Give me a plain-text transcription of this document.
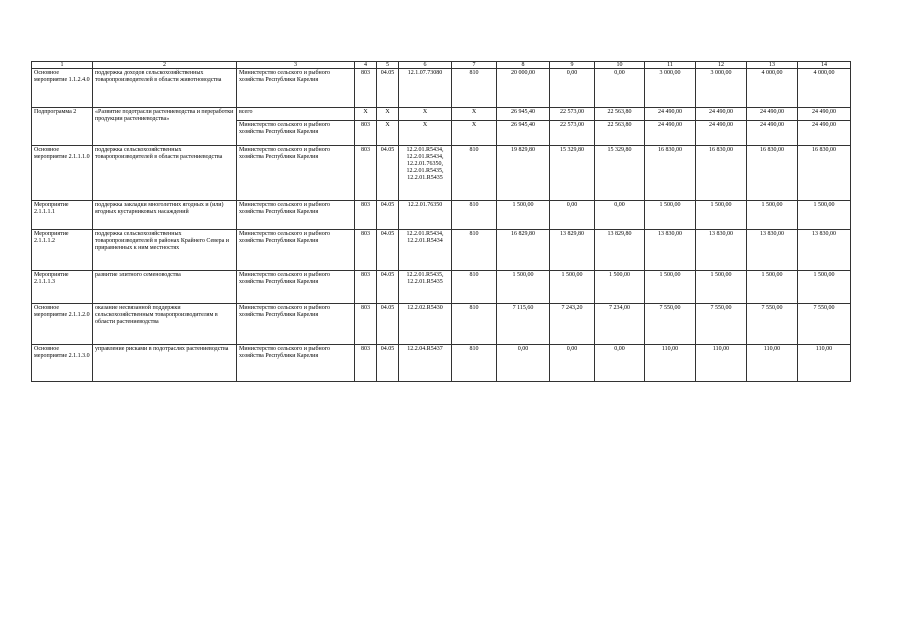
1	2	3	4	5	6	7	8	9	10	11	12	13	14
Основное мероприятие 1.1.2.4.0	поддержка доходов сельскохозяйственных товаропроизводителей в области животноводства	Министерство сельского и рыбного хозяйства Республики Карелия	803	04.05	12.1.07.73080	810	20 000,00	0,00	0,00	3 000,00	3 000,00	4 000,00	4 000,00
Подпрограмма 2	«Развитие подотрасли растениеводства и переработки продукции растениеводства»	всего	X	X	X	X	26 945,40	22 573,00	22 563,80	24 490,00	24 490,00	24 490,00	24 490,00
		Министерство сельского и рыбного хозяйства Республики Карелия	803	X	X	X	26 945,40	22 573,00	22 563,80	24 490,00	24 490,00	24 490,00	24 490,00
Основное мероприятие 2.1.1.1.0	поддержка сельскохозяйственных товаропроизводителей в области растениеводства	Министерство сельского и рыбного хозяйства Республики Карелия	803	04.05	12.2.01.R5434, 12.2.01.R5434, 12.2.01.76350, 12.2.01.R5435, 12.2.01.R5435	810	19 829,80	15 329,80	15 329,80	16 830,00	16 830,00	16 830,00	16 830,00
Мероприятие 2.1.1.1.1	поддержка закладки многолетних ягодных и (или) ягодных кустарниковых насаждений	Министерство сельского и рыбного хозяйства Республики Карелия	803	04.05	12.2.01.76350	810	1 500,00	0,00	0,00	1 500,00	1 500,00	1 500,00	1 500,00
Мероприятие 2.1.1.1.2	поддержка сельскохозяйственных товаропроизводителей в районах Крайнего Севера и приравненных к ним местностях	Министерство сельского и рыбного хозяйства Республики Карелия	803	04.05	12.2.01.R5434, 12.2.01.R5434	810	16 829,80	13 829,80	13 829,80	13 830,00	13 830,00	13 830,00	13 830,00
Мероприятие 2.1.1.1.3	развитие элитного семеноводства	Министерство сельского и рыбного хозяйства Республики Карелия	803	04.05	12.2.01.R5435, 12.2.01.R5435	810	1 500,00	1 500,00	1 500,00	1 500,00	1 500,00	1 500,00	1 500,00
Основное мероприятие 2.1.1.2.0	оказание несвязанной поддержки сельскохозяйственным товаропроизводителям в области растениеводства	Министерство сельского и рыбного хозяйства Республики Карелия	803	04.05	12.2.02.R5430	810	7 115,60	7 243,20	7 234,00	7 550,00	7 550,00	7 550,00	7 550,00
Основное мероприятие 2.1.1.3.0	управление рисками в подотраслях растениеводства	Министерство сельского и рыбного хозяйства Республики Карелия	803	04.05	12.2.04.R5437	810	0,00	0,00	0,00	110,00	110,00	110,00	110,00
